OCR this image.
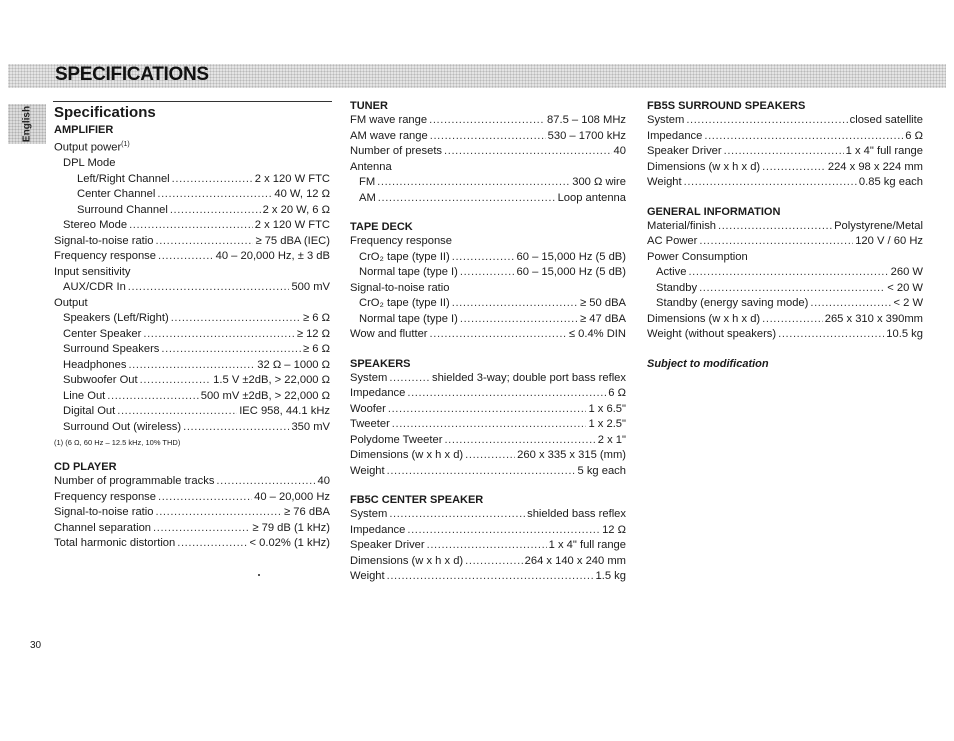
SPECIFICATIONS
English Specifications
AMPLIFIER
Output power$^{(1)}$
DPL Mode
Left/Right Channel .....	2 x 120 W FTC
Center Channel .....	40 W, 12 Ω
Surround Channel .....	2 x 20 W, 6 Ω
Stereo Mode .....	2 x 120 W FTC
Signal-to-noise ratio .....	≥ 75 dBA (IEC)
Frequency response .....	40 – 20,000 Hz, ± 3 dB
Input sensitivity
AUX/CDR In .....	500 mV
Output
Speakers (Left/Right) .....	≥ 6 Ω
Center Speaker .....	≥ 12 Ω
Surround Speakers .....	≥ 6 Ω
Headphones .....	32 Ω – 1000 Ω
Subwoofer Out .....	1.5 V ±2dB, > 22,000 Ω
Line Out .....	500 mV ±2dB, > 22,000 Ω
Digital Out .....	IEC 958, 44.1 kHz
Surround Out (wireless) .....	350 mV
(1) (6 Ω, 60 Hz – 12.5 kHz, 10% THD)
CD PLAYER
Number of programmable tracks .....	40
Frequency response .....	40 – 20,000 Hz
Signal-to-noise ratio .....	≥ 76 dBA
Channel separation .....	≥ 79 dB (1 kHz)
Total harmonic distortion .....	< 0.02% (1 kHz)
TUNER
FM wave range .....	87.5 – 108 MHz
AM wave range .....	530 – 1700 kHz
Number of presets .....	40
Antenna
FM .....	300 Ω wire
AM .....	Loop antenna
TAPE DECK
Frequency response
CrO₂ tape (type II) .....	60 – 15,000 Hz (5 dB)
Normal tape (type I) .....	60 – 15,000 Hz (5 dB)
Signal-to-noise ratio
CrO₂ tape (type II) .....	≥ 50 dBA
Normal tape (type I) .....	≥ 47 dBA
Wow and flutter .....	≤ 0.4% DIN
SPEAKERS
System .....	shielded 3-way; double port bass reflex
Impedance .....	6 Ω
Woofer .....	1 x 6.5"
Tweeter .....	1 x 2.5"
Polydome Tweeter .....	2 x 1"
Dimensions (w x h x d) .....	260 x 335 x 315 (mm)
Weight .....	5 kg each
FB5C CENTER SPEAKER
System .....	shielded bass reflex
Impedance .....	12 Ω
Speaker Driver .....	1 x 4" full range
Dimensions (w x h x d) .....	264 x 140 x 240 mm
Weight .....	1.5 kg
FB5S SURROUND SPEAKERS
System .....	closed satellite
Impedance .....	6 Ω
Speaker Driver .....	1 x 4" full range
Dimensions (w x h x d) .....	224 x 98 x 224 mm
Weight .....	0.85 kg each
GENERAL INFORMATION
Material/finish .....	Polystyrene/Metal
AC Power .....	120 V / 60 Hz
Power Consumption
Active .....	260 W
Standby .....	< 20 W
Standby (energy saving mode) .....	< 2 W
Dimensions (w x h x d) .....	265 x 310 x 390mm
Weight (without speakers) .....	10.5 kg
Subject to modification
30
